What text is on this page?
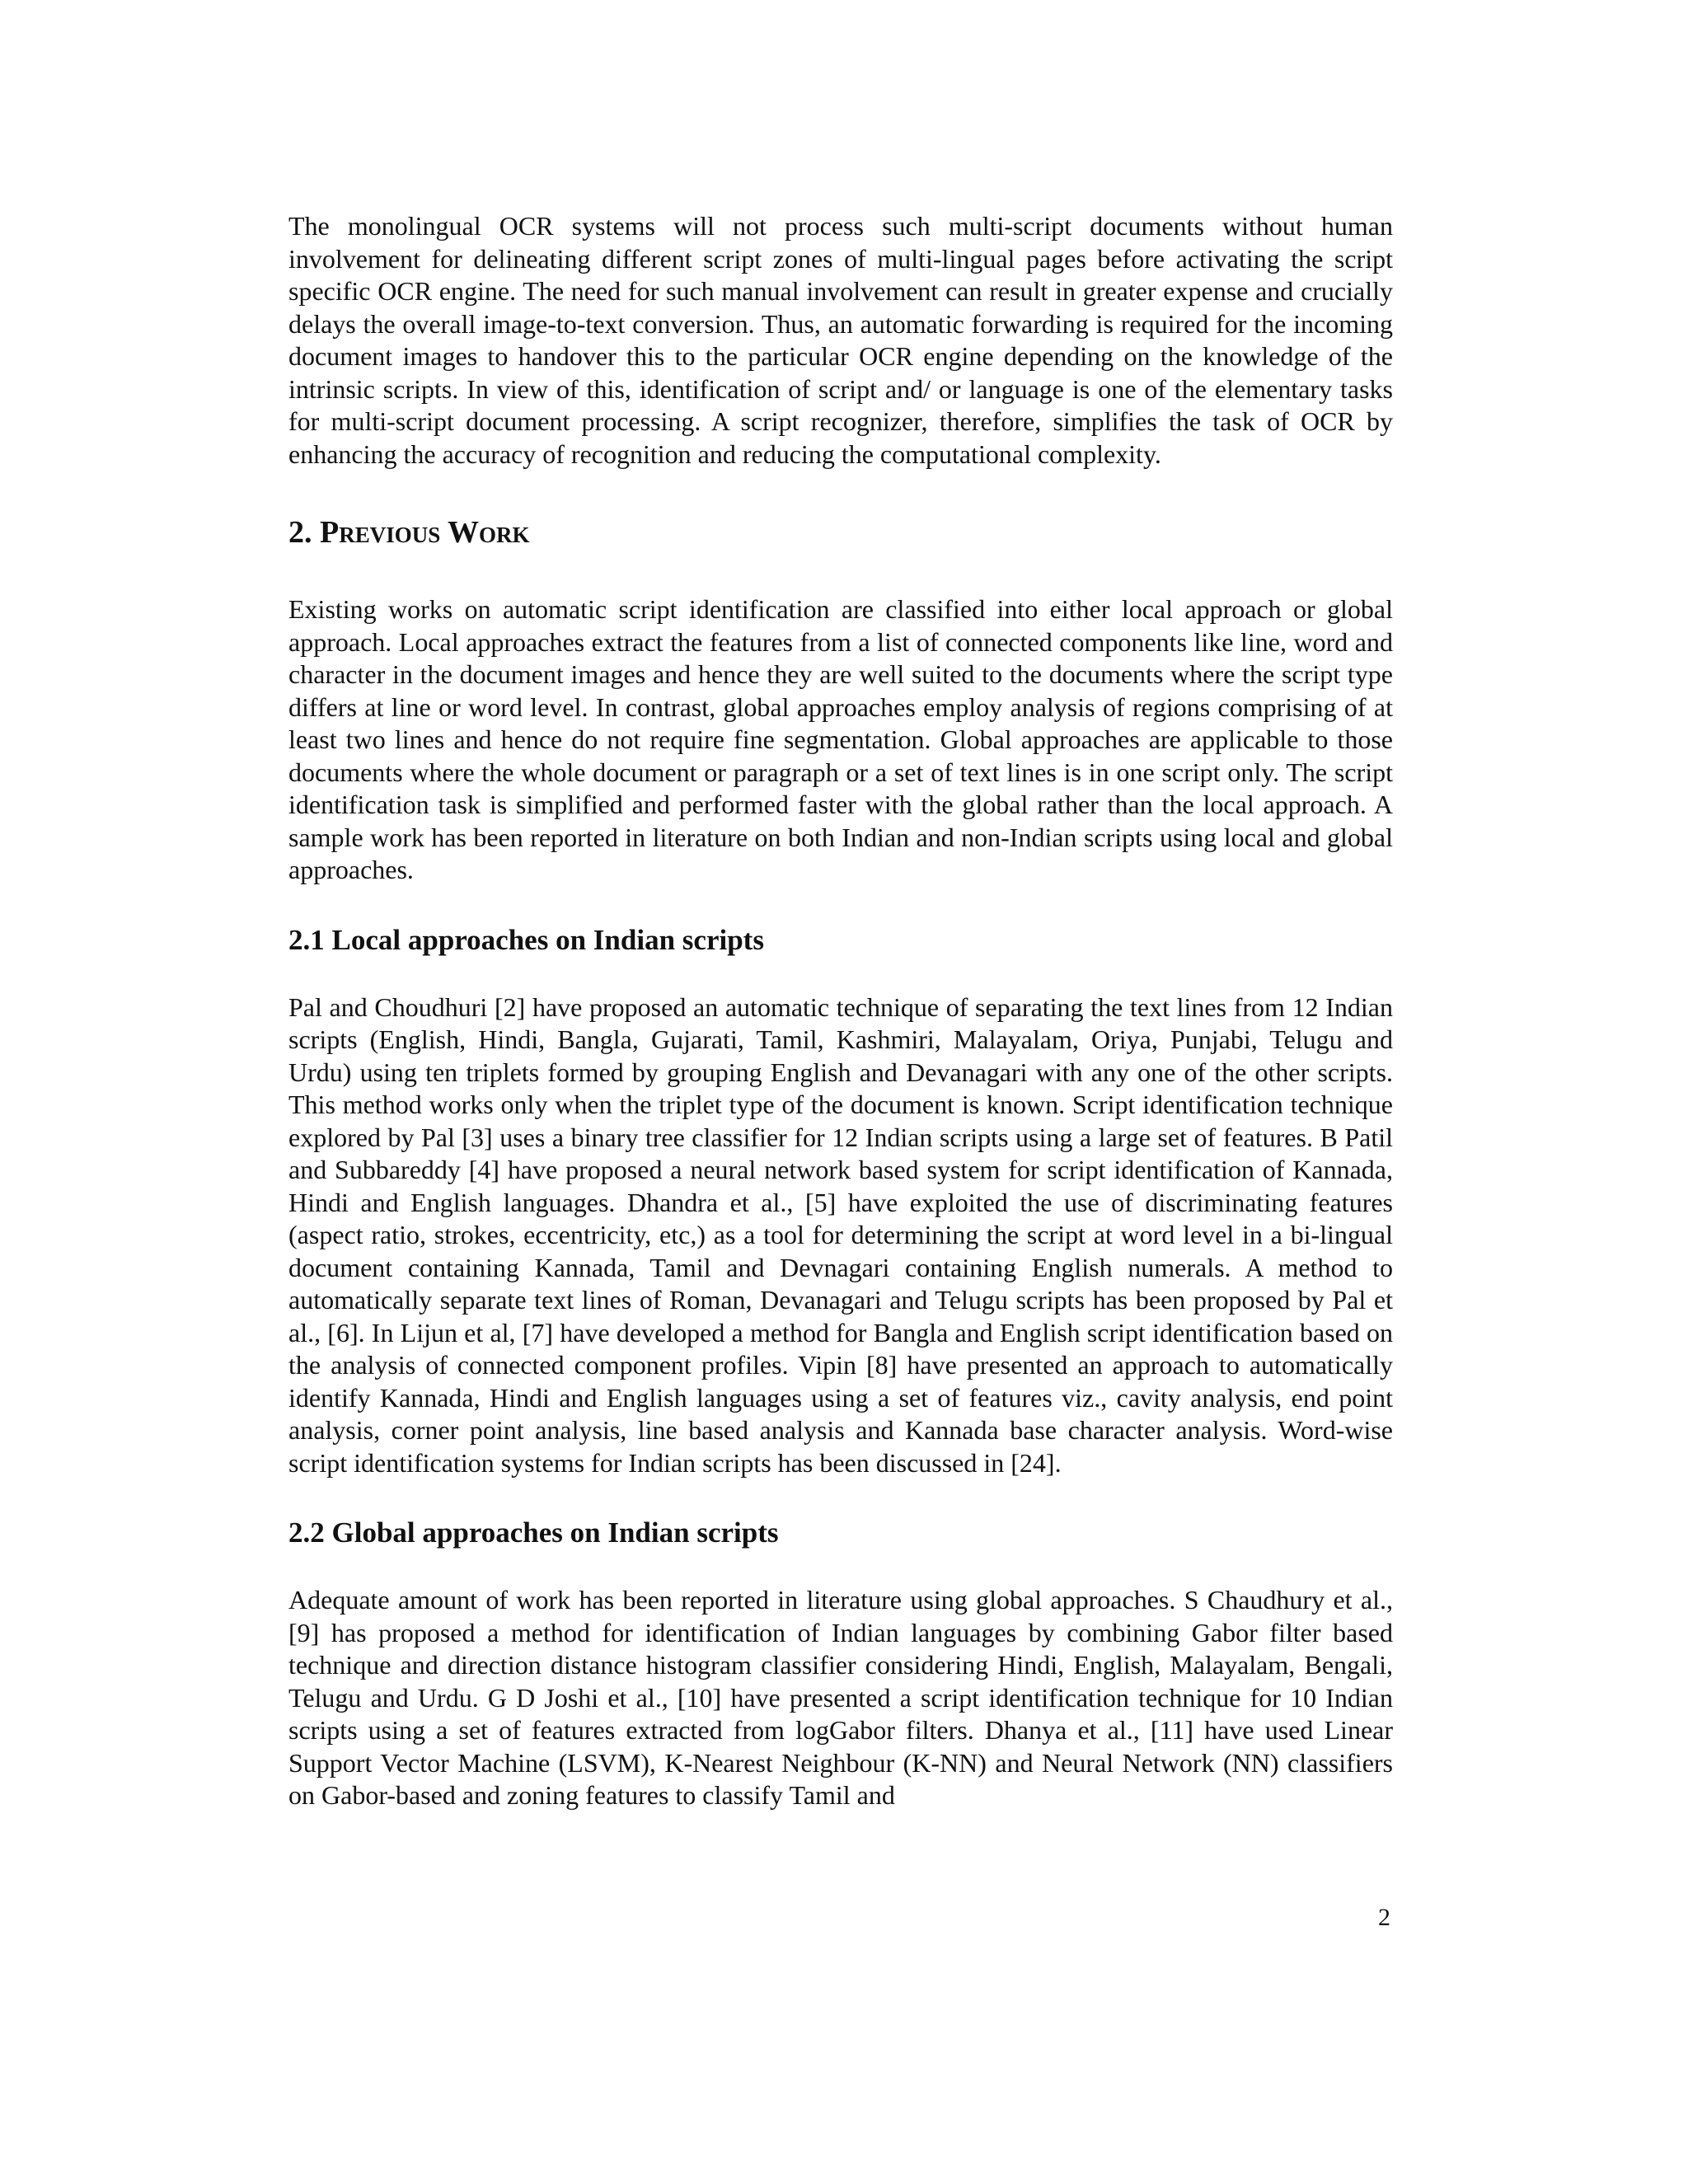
The monolingual OCR systems will not process such multi-script documents without human involvement for delineating different script zones of multi-lingual pages before activating the script specific OCR engine. The need for such manual involvement can result in greater expense and crucially delays the overall image-to-text conversion. Thus, an automatic forwarding is required for the incoming document images to handover this to the particular OCR engine depending on the knowledge of the intrinsic scripts. In view of this, identification of script and/ or language is one of the elementary tasks for multi-script document processing. A script recognizer, therefore, simplifies the task of OCR by enhancing the accuracy of recognition and reducing the computational complexity.

2. Previous Work

Existing works on automatic script identification are classified into either local approach or global approach. Local approaches extract the features from a list of connected components like line, word and character in the document images and hence they are well suited to the documents where the script type differs at line or word level. In contrast, global approaches employ analysis of regions comprising of at least two lines and hence do not require fine segmentation. Global approaches are applicable to those documents where the whole document or paragraph or a set of text lines is in one script only. The script identification task is simplified and performed faster with the global rather than the local approach. A sample work has been reported in literature on both Indian and non-Indian scripts using local and global approaches.

2.1 Local approaches on Indian scripts

Pal and Choudhuri [2] have proposed an automatic technique of separating the text lines from 12 Indian scripts (English, Hindi, Bangla, Gujarati, Tamil, Kashmiri, Malayalam, Oriya, Punjabi, Telugu and Urdu) using ten triplets formed by grouping English and Devanagari with any one of the other scripts. This method works only when the triplet type of the document is known. Script identification technique explored by Pal [3] uses a binary tree classifier for 12 Indian scripts using a large set of features. B Patil and Subbareddy [4] have proposed a neural network based system for script identification of Kannada, Hindi and English languages. Dhandra et al., [5] have exploited the use of discriminating features (aspect ratio, strokes, eccentricity, etc,) as a tool for determining the script at word level in a bi-lingual document containing Kannada, Tamil and Devnagari containing English numerals. A method to automatically separate text lines of Roman, Devanagari and Telugu scripts has been proposed by Pal et al., [6]. In Lijun et al, [7] have developed a method for Bangla and English script identification based on the analysis of connected component profiles. Vipin [8] have presented an approach to automatically identify Kannada, Hindi and English languages using a set of features viz., cavity analysis, end point analysis, corner point analysis, line based analysis and Kannada base character analysis. Word-wise script identification systems for Indian scripts has been discussed in [24].

2.2 Global approaches on Indian scripts

Adequate amount of work has been reported in literature using global approaches. S Chaudhury et al., [9] has proposed a method for identification of Indian languages by combining Gabor filter based technique and direction distance histogram classifier considering Hindi, English, Malayalam, Bengali, Telugu and Urdu. G D Joshi et al., [10] have presented a script identification technique for 10 Indian scripts using a set of features extracted from logGabor filters. Dhanya et al., [11] have used Linear Support Vector Machine (LSVM), K-Nearest Neighbour (K-NN) and Neural Network (NN) classifiers on Gabor-based and zoning features to classify Tamil and

2
